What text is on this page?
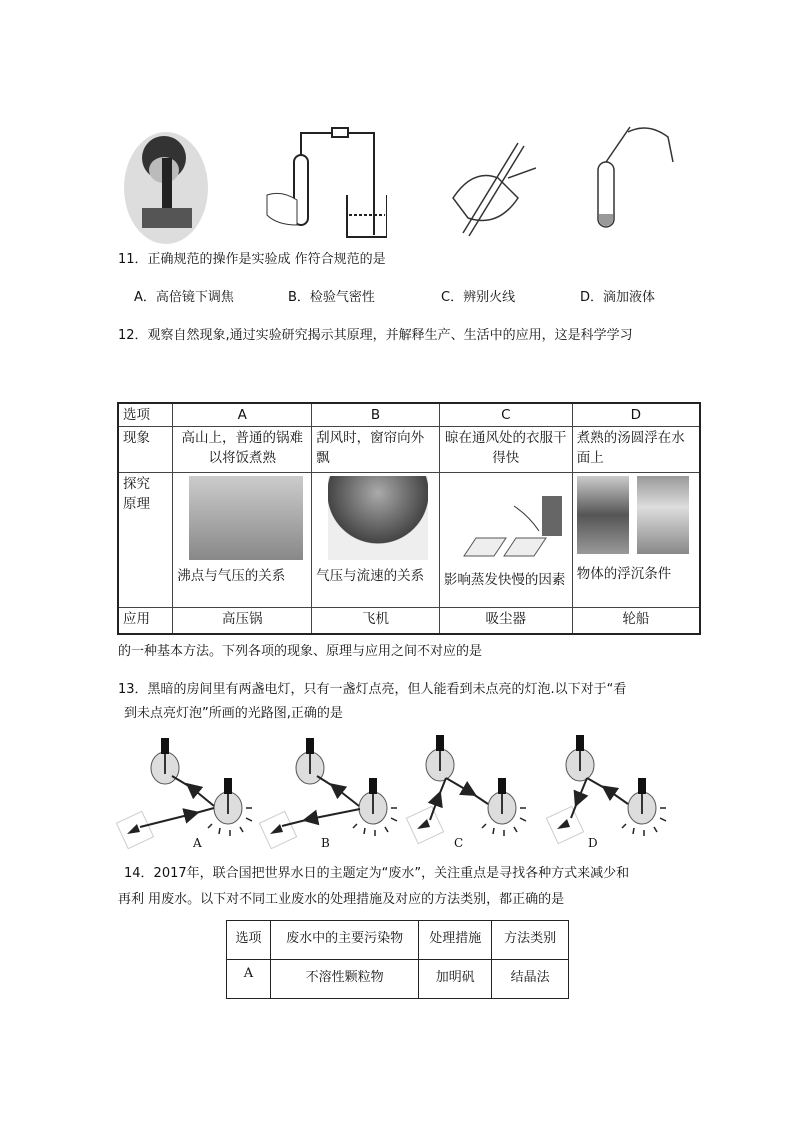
11．正确规范的操作是实验成 作符合规范的是
A．高倍镜下调焦	B．检验气密性	C．辨别火线	D．滴加液体
12．观察自然现象,通过实验研究揭示其原理，并解释生产、生活中的应用，这是科学学习
选项	A	B	C	D
现象	高山上，普通的锅难以将饭煮熟	刮风时，窗帘向外飘	晾在通风处的衣服干得快	煮熟的汤圆浮在水面上

探究
原理	沸点与气压的关系	气压与流速的关系	影响蒸发快慢的因素	物体的浮沉条件

应用	高压锅	飞机	吸尘器	轮船
的一种基本方法。下列各项的现象、原理与应用之间不对应的是
13．黑暗的房间里有两盏电灯，只有一盏灯点亮，但人能看到未点亮的灯泡.以下对于“看
到未点亮灯泡”所画的光路图,正确的是
A	B	C	D
14．2017年，联合国把世界水日的主题定为“废水”，关注重点是寻找各种方式来减少和
再利 用废水。以下对不同工业废水的处理措施及对应的方法类别，都正确的是
选项	废水中的主要污染物	处理措施	方法类别
A	不溶性颗粒物	加明矾	结晶法
